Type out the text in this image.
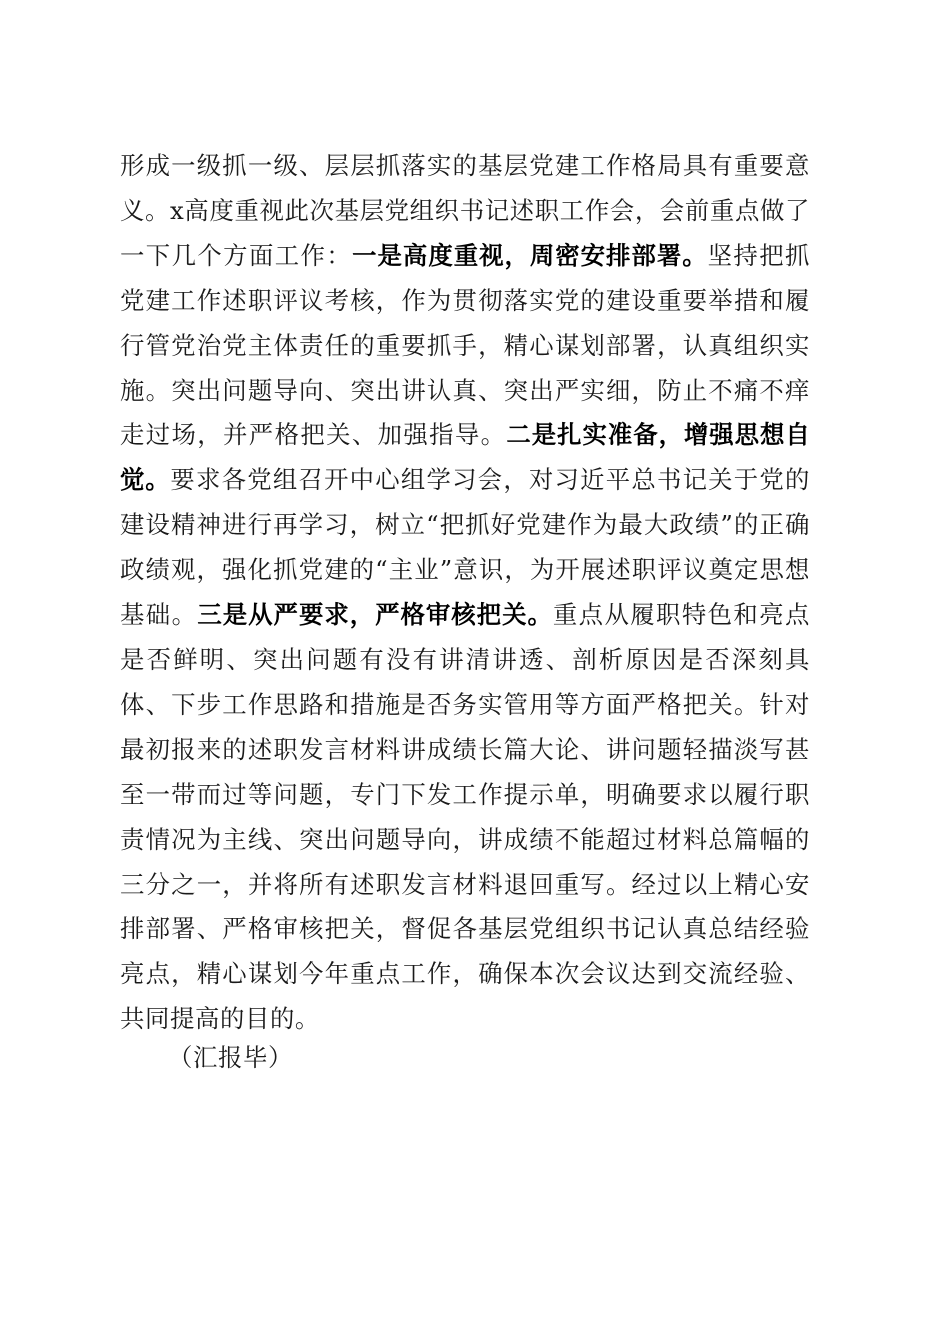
形成一级抓一级、层层抓落实的基层党建工作格局具有重要意义。x高度重视此次基层党组织书记述职工作会，会前重点做了一下几个方面工作：一是高度重视，周密安排部署。坚持把抓党建工作述职评议考核，作为贯彻落实党的建设重要举措和履行管党治党主体责任的重要抓手，精心谋划部署，认真组织实施。突出问题导向、突出讲认真、突出严实细，防止不痛不痒走过场，并严格把关、加强指导。二是扎实准备，增强思想自觉。要求各党组召开中心组学习会，对习近平总书记关于党的建设精神进行再学习，树立“把抓好党建作为最大政绩”的正确政绩观，强化抓党建的“主业”意识，为开展述职评议奠定思想基础。三是从严要求，严格审核把关。重点从履职特色和亮点是否鲜明、突出问题有没有讲清讲透、剖析原因是否深刻具体、下步工作思路和措施是否务实管用等方面严格把关。针对最初报来的述职发言材料讲成绩长篇大论、讲问题轻描淡写甚至一带而过等问题，专门下发工作提示单，明确要求以履行职责情况为主线、突出问题导向，讲成绩不能超过材料总篇幅的三分之一，并将所有述职发言材料退回重写。经过以上精心安排部署、严格审核把关，督促各基层党组织书记认真总结经验亮点，精心谋划今年重点工作，确保本次会议达到交流经验、共同提高的目的。

（汇报毕）
